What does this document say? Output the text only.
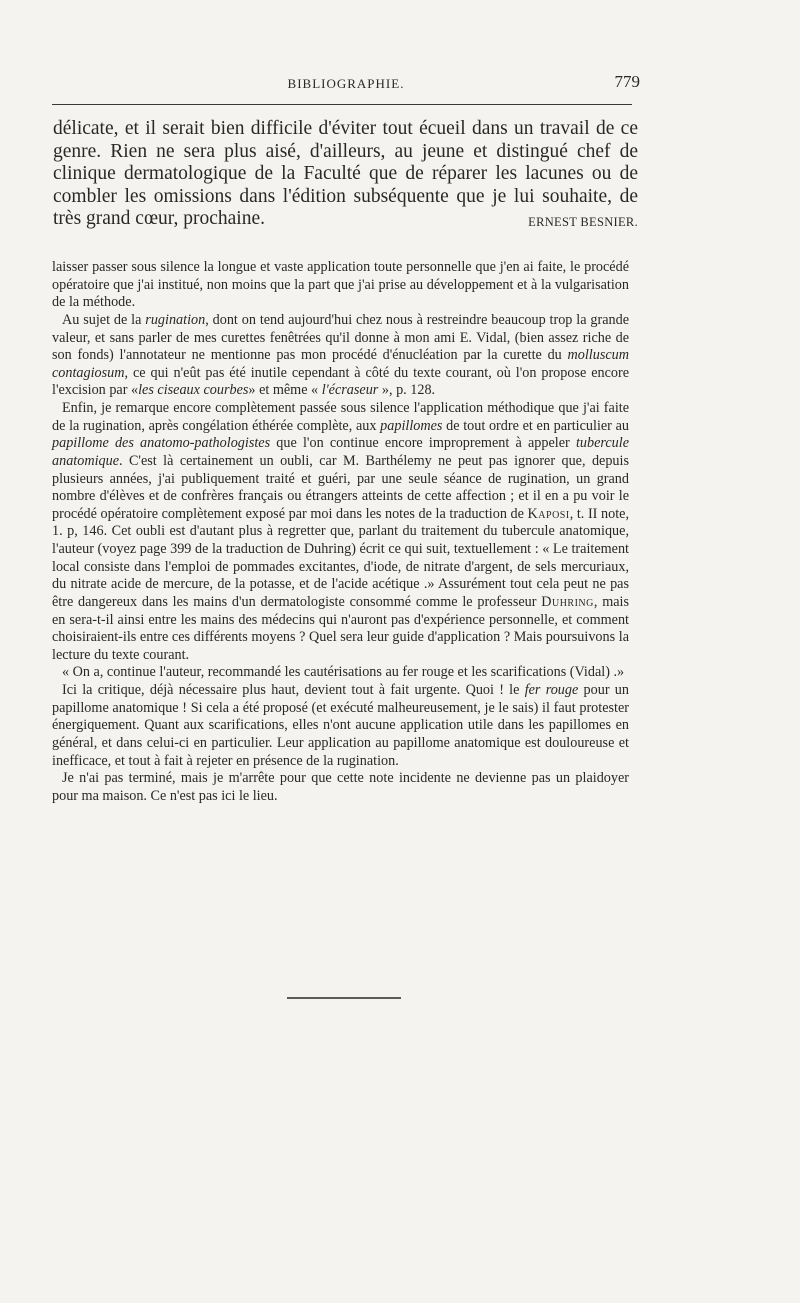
BIBLIOGRAPHIE.	779
délicate, et il serait bien difficile d'éviter tout écueil dans un travail de ce genre. Rien ne sera plus aisé, d'ailleurs, au jeune et distingué chef de clinique dermatologique de la Faculté que de réparer les lacunes ou de combler les omissions dans l'édition subséquente que je lui souhaite, de très grand cœur, prochaine.	ERNEST BESNIER.

laisser passer sous silence la longue et vaste application toute personnelle que j'en ai faite, le procédé opératoire que j'ai institué, non moins que la part que j'ai prise au développement et à la vulgarisation de la méthode.

Au sujet de la rugination, dont on tend aujourd'hui chez nous à restreindre beaucoup trop la grande valeur, et sans parler de mes curettes fenêtrées qu'il donne à mon ami E. Vidal, (bien assez riche de son fonds) l'annotateur ne mentionne pas mon procédé d'énucléation par la curette du molluscum contagiosum, ce qui n'eût pas été inutile cependant à côté du texte courant, où l'on propose encore l'excision par «les ciseaux courbes» et même « l'écraseur », p. 128.

Enfin, je remarque encore complètement passée sous silence l'application méthodique que j'ai faite de la rugination, après congélation éthérée complète, aux papillomes de tout ordre et en particulier au papillome des anatomo-pathologistes que l'on continue encore improprement à appeler tubercule anatomique. C'est là certainement un oubli, car M. Barthélemy ne peut pas ignorer que, depuis plusieurs années, j'ai publiquement traité et guéri, par une seule séance de rugination, un grand nombre d'élèves et de confrères français ou étrangers atteints de cette affection ; et il en a pu voir le procédé opératoire complètement exposé par moi dans les notes de la traduction de Kaposi, t. II note, 1. p, 146. Cet oubli est d'autant plus à regretter que, parlant du traitement du tubercule anatomique, l'auteur (voyez page 399 de la traduction de Duhring) écrit ce qui suit, textuellement : « Le traitement local consiste dans l'emploi de pommades excitantes, d'iode, de nitrate d'argent, de sels mercuriaux, du nitrate acide de mercure, de la potasse, et de l'acide acétique .» Assurément tout cela peut ne pas être dangereux dans les mains d'un dermatologiste consommé comme le professeur Duhring, mais en sera-t-il ainsi entre les mains des médecins qui n'auront pas d'expérience personnelle, et comment choisiraient-ils entre ces différents moyens ? Quel sera leur guide d'application ? Mais poursuivons la lecture du texte courant.

« On a, continue l'auteur, recommandé les cautérisations au fer rouge et les scarifications (Vidal) .»

Ici la critique, déjà nécessaire plus haut, devient tout à fait urgente. Quoi ! le fer rouge pour un papillome anatomique ! Si cela a été proposé (et exécuté malheureusement, je le sais) il faut protester énergiquement. Quant aux scarifications, elles n'ont aucune application utile dans les papillomes en général, et dans celui-ci en particulier. Leur application au papillome anatomique est douloureuse et inefficace, et tout à fait à rejeter en présence de la rugination.

Je n'ai pas terminé, mais je m'arrête pour que cette note incidente ne devienne pas un plaidoyer pour ma maison. Ce n'est pas ici le lieu.
